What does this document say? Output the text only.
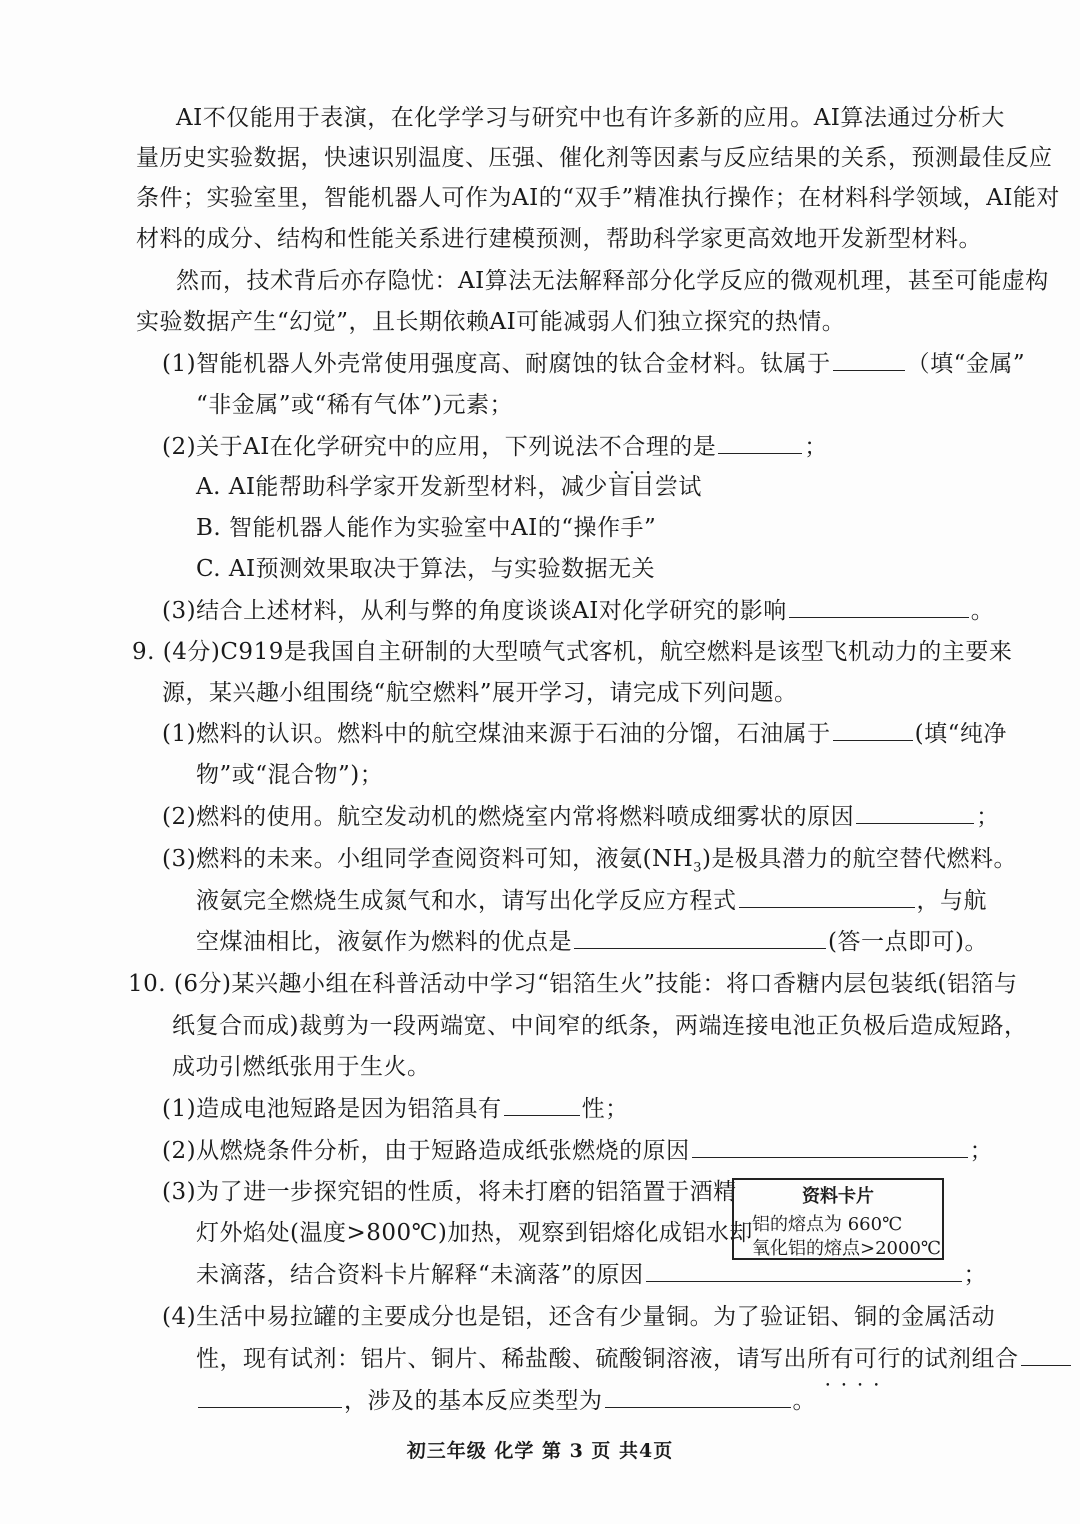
AI不仅能用于表演，在化学学习与研究中也有许多新的应用。AI算法通过分析大
量历史实验数据，快速识别温度、压强、催化剂等因素与反应结果的关系，预测最佳反应
条件；实验室里，智能机器人可作为AI的“双手”精准执行操作；在材料科学领域，AI能对
材料的成分、结构和性能关系进行建模预测，帮助科学家更高效地开发新型材料。
然而，技术背后亦存隐忧：AI算法无法解释部分化学反应的微观机理，甚至可能虚构
实验数据产生“幻觉”，且长期依赖AI可能减弱人们独立探究的热情。
(1)智能机器人外壳常使用强度高、耐腐蚀的钛合金材料。钛属于	（填“金属”
“非金属”或“稀有气体”)元素；
(2)关于AI在化学研究中的应用，下列说法不合理 • • •的是	；
A. AI能帮助科学家开发新型材料，减少盲目尝试
B. 智能机器人能作为实验室中AI的“操作手”
C. AI预测效果取决于算法，与实验数据无关
(3)结合上述材料，从利与弊的角度谈谈AI对化学研究的影响	。
9. (4分)C919是我国自主研制的大型喷气式客机，航空燃料是该型飞机动力的主要来
源，某兴趣小组围绕“航空燃料”展开学习，请完成下列问题。
(1)燃料的认识。燃料中的航空煤油来源于石油的分馏，石油属于	(填“纯净
物”或“混合物”)；
(2)燃料的使用。航空发动机的燃烧室内常将燃料喷成细雾状的原因	；
(3)燃料的未来。小组同学查阅资料可知，液氨$(NH_3)$是极具潜力的航空替代燃料。
液氨完全燃烧生成氮气和水，请写出化学反应方程式	，与航
空煤油相比，液氨作为燃料的优点是	(答一点即可)。
10. (6分)某兴趣小组在科普活动中学习“铝箔生火”技能：将口香糖内层包装纸(铝箔与
纸复合而成)裁剪为一段两端宽、中间窄的纸条，两端连接电池正负极后造成短路，
成功引燃纸张用于生火。
(1)造成电池短路是因为铝箔具有	性；
(2)从燃烧条件分析，由于短路造成纸张燃烧的原因	；
(3)为了进一步探究铝的性质，将未打磨的铝箔置于酒精
灯外焰处(温度>800℃)加热，观察到铝熔化成铝水却
未滴落，结合资料卡片解释“未滴落”的原因	；
资料卡片
铝的熔点为 660℃
氧化铝的熔点>2000℃
(4)生活中易拉罐的主要成分也是铝，还含有少量铜。为了验证铝、铜的金属活动
性，现有试剂：铝片、铜片、稀盐酸、硫酸铜溶液，请写出所有可行 • • • •的试剂组合
，涉及的基本反应类型为	。
初三年级 化学 第 3 页 共4页
